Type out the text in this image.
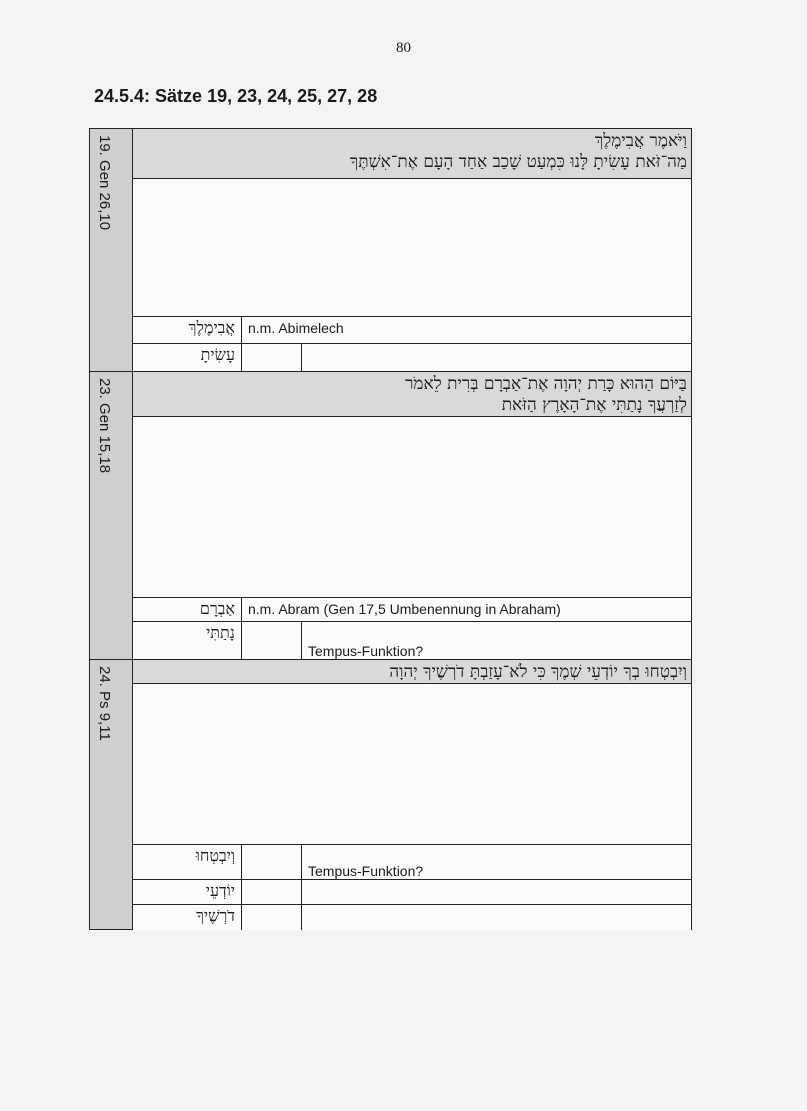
80
24.5.4: Sätze 19, 23, 24, 25, 27, 28
19. Gen 26,10
וַיֹּאמֶר אֲבִימֶלֶךְ
מַה־זֹּאת עָשִׂיתָ לָּנוּ כִּמְעַט שָׁכַב אַחַד הָעָם אֶת־אִשְׁתֶּךָ
אֲבִימֶלֶךְ n.m. Abimelech
עָשִׂיתָ
23. Gen 15,18
בַּיּוֹם הַהוּא כָּרַת יְהוָה אֶת־אַבְרָם בְּרִית לֵאמֹר
לְזַרְעֲךָ נָתַתִּי אֶת־הָאָרֶץ הַזֹּאת
אַבְרָם n.m. Abram (Gen 17,5 Umbenennung in Abraham)
נָתַתִּי
Tempus-Funktion?
24. Ps 9,11
וְיִבְטְחוּ בְךָ יוֹדְעֵי שְׁמֶךָ כִּי לֹא־עָזַבְתָּ דֹרְשֶׁיךָ יְהוָה
וְיִבְטְחוּ
Tempus-Funktion?
יוֹדְעֵי
דֹרְשֶׁיךָ
